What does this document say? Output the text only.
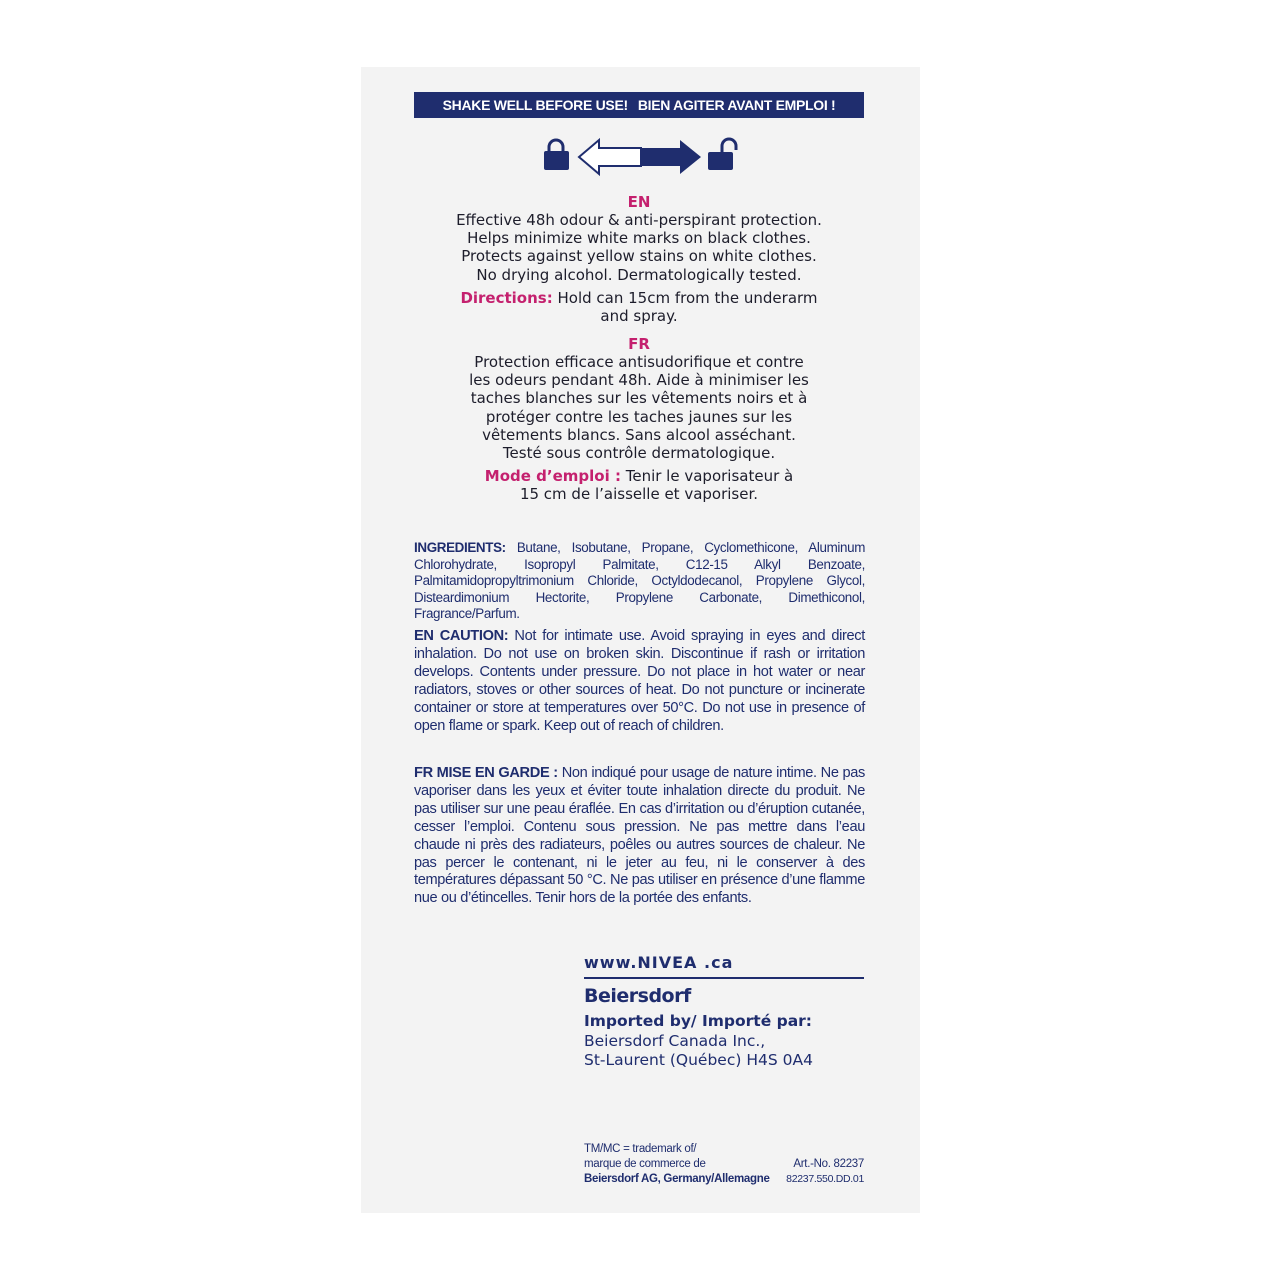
SHAKE WELL BEFORE USE! BIEN AGITER AVANT EMPLOI !
EN
Effective 48h odour & anti-perspirant protection.
Helps minimize white marks on black clothes.
Protects against yellow stains on white clothes.
No drying alcohol. Dermatologically tested.
Directions: Hold can 15cm from the underarm
and spray.
FR
Protection efficace antisudorifique et contre
les odeurs pendant 48h. Aide à minimiser les
taches blanches sur les vêtements noirs et à
protéger contre les taches jaunes sur les
vêtements blancs. Sans alcool asséchant.
Testé sous contrôle dermatologique.
Mode d’emploi : Tenir le vaporisateur à
15 cm de l’aisselle et vaporiser.
INGREDIENTS: Butane, Isobutane, Propane, Cyclomethicone, Aluminum Chlorohydrate, Isopropyl Palmitate, C12-15 Alkyl Benzoate, Palmitamidopropyltrimonium Chloride, Octyldodecanol, Propylene Glycol, Disteardimonium Hectorite, Propylene Carbonate, Dimethiconol, Fragrance/Parfum.
EN CAUTION: Not for intimate use. Avoid spraying in eyes and direct inhalation. Do not use on broken skin. Discontinue if rash or irritation develops. Contents under pressure. Do not place in hot water or near radiators, stoves or other sources of heat. Do not puncture or incinerate container or store at temperatures over 50°C. Do not use in presence of open flame or spark. Keep out of reach of children.
FR MISE EN GARDE : Non indiqué pour usage de nature intime. Ne pas vaporiser dans les yeux et éviter toute inhalation directe du produit. Ne pas utiliser sur une peau éraflée. En cas d’irritation ou d’éruption cutanée, cesser l’emploi. Contenu sous pression. Ne pas mettre dans l’eau chaude ni près des radiateurs, poêles ou autres sources de chaleur. Ne pas percer le contenant, ni le jeter au feu, ni le conserver à des températures dépassant 50 °C. Ne pas utiliser en présence d’une flamme nue ou d’étincelles. Tenir hors de la portée des enfants.
www.NIVEA .ca
Beiersdorf
Imported by/ Importé par:
Beiersdorf Canada Inc.,
St-Laurent (Québec) H4S 0A4
TM/MC = trademark of/
marque de commerce de	Art.-No. 82237
Beiersdorf AG, Germany/Allemagne 82237.550.DD.01
